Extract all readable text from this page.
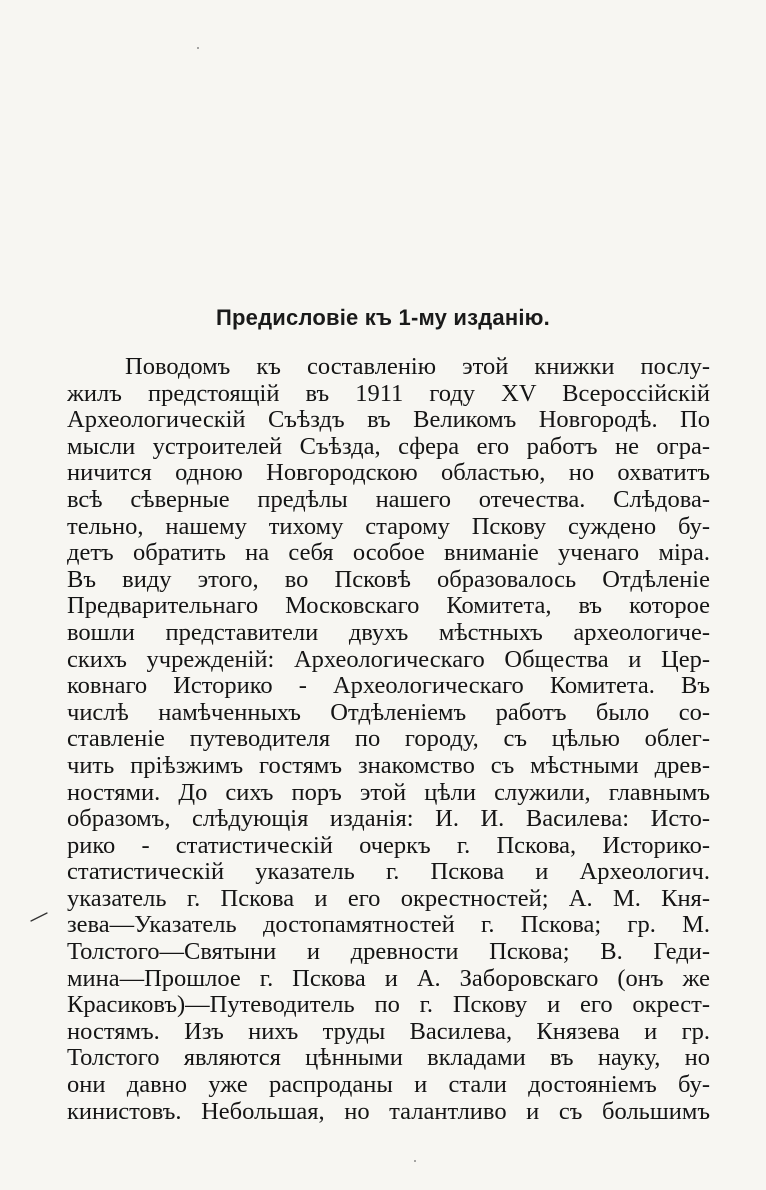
Предисловіе къ 1-му изданію.
Поводомъ къ составленію этой книжки послу-
жилъ предстоящій въ 1911 году XV Всероссійскій
Археологическій Съѣздъ въ Великомъ Новгородѣ. По
мысли устроителей Съѣзда, сфера его работъ не огра-
ничится одною Новгородскою областью, но охватитъ
всѣ сѣверные предѣлы нашего отечества. Слѣдова-
тельно, нашему тихому старому Пскову суждено бу-
детъ обратить на себя особое вниманіе ученаго міра.
Въ виду этого, во Псковѣ образовалось Отдѣленіе
Предварительнаго Московскаго Комитета, въ которое
вошли представители двухъ мѣстныхъ археологиче-
скихъ учрежденій: Археологическаго Общества и Цер-
ковнаго Историко - Археологическаго Комитета. Въ
числѣ намѣченныхъ Отдѣленіемъ работъ было со-
ставленіе путеводителя по городу, съ цѣлью облег-
чить пріѣзжимъ гостямъ знакомство съ мѣстными древ-
ностями. До сихъ поръ этой цѣли служили, главнымъ
образомъ, слѣдующія изданія: И. И. Василева: Исто-
рико - статистическій очеркъ г. Пскова, Историко-
статистическій указатель г. Пскова и Археологич.
указатель г. Пскова и его окрестностей; А. М. Кня-
зева—Указатель достопамятностей г. Пскова; гр. М.
Толстого—Святыни и древности Пскова; В. Геди-
мина—Прошлое г. Пскова и А. Заборовскаго (онъ же
Красиковъ)—Путеводитель по г. Пскову и его окрест-
ностямъ. Изъ нихъ труды Василева, Князева и гр.
Толстого являются цѣнными вкладами въ науку, но
они давно уже распроданы и стали достояніемъ бу-
кинистовъ. Небольшая, но талантливо и съ большимъ
